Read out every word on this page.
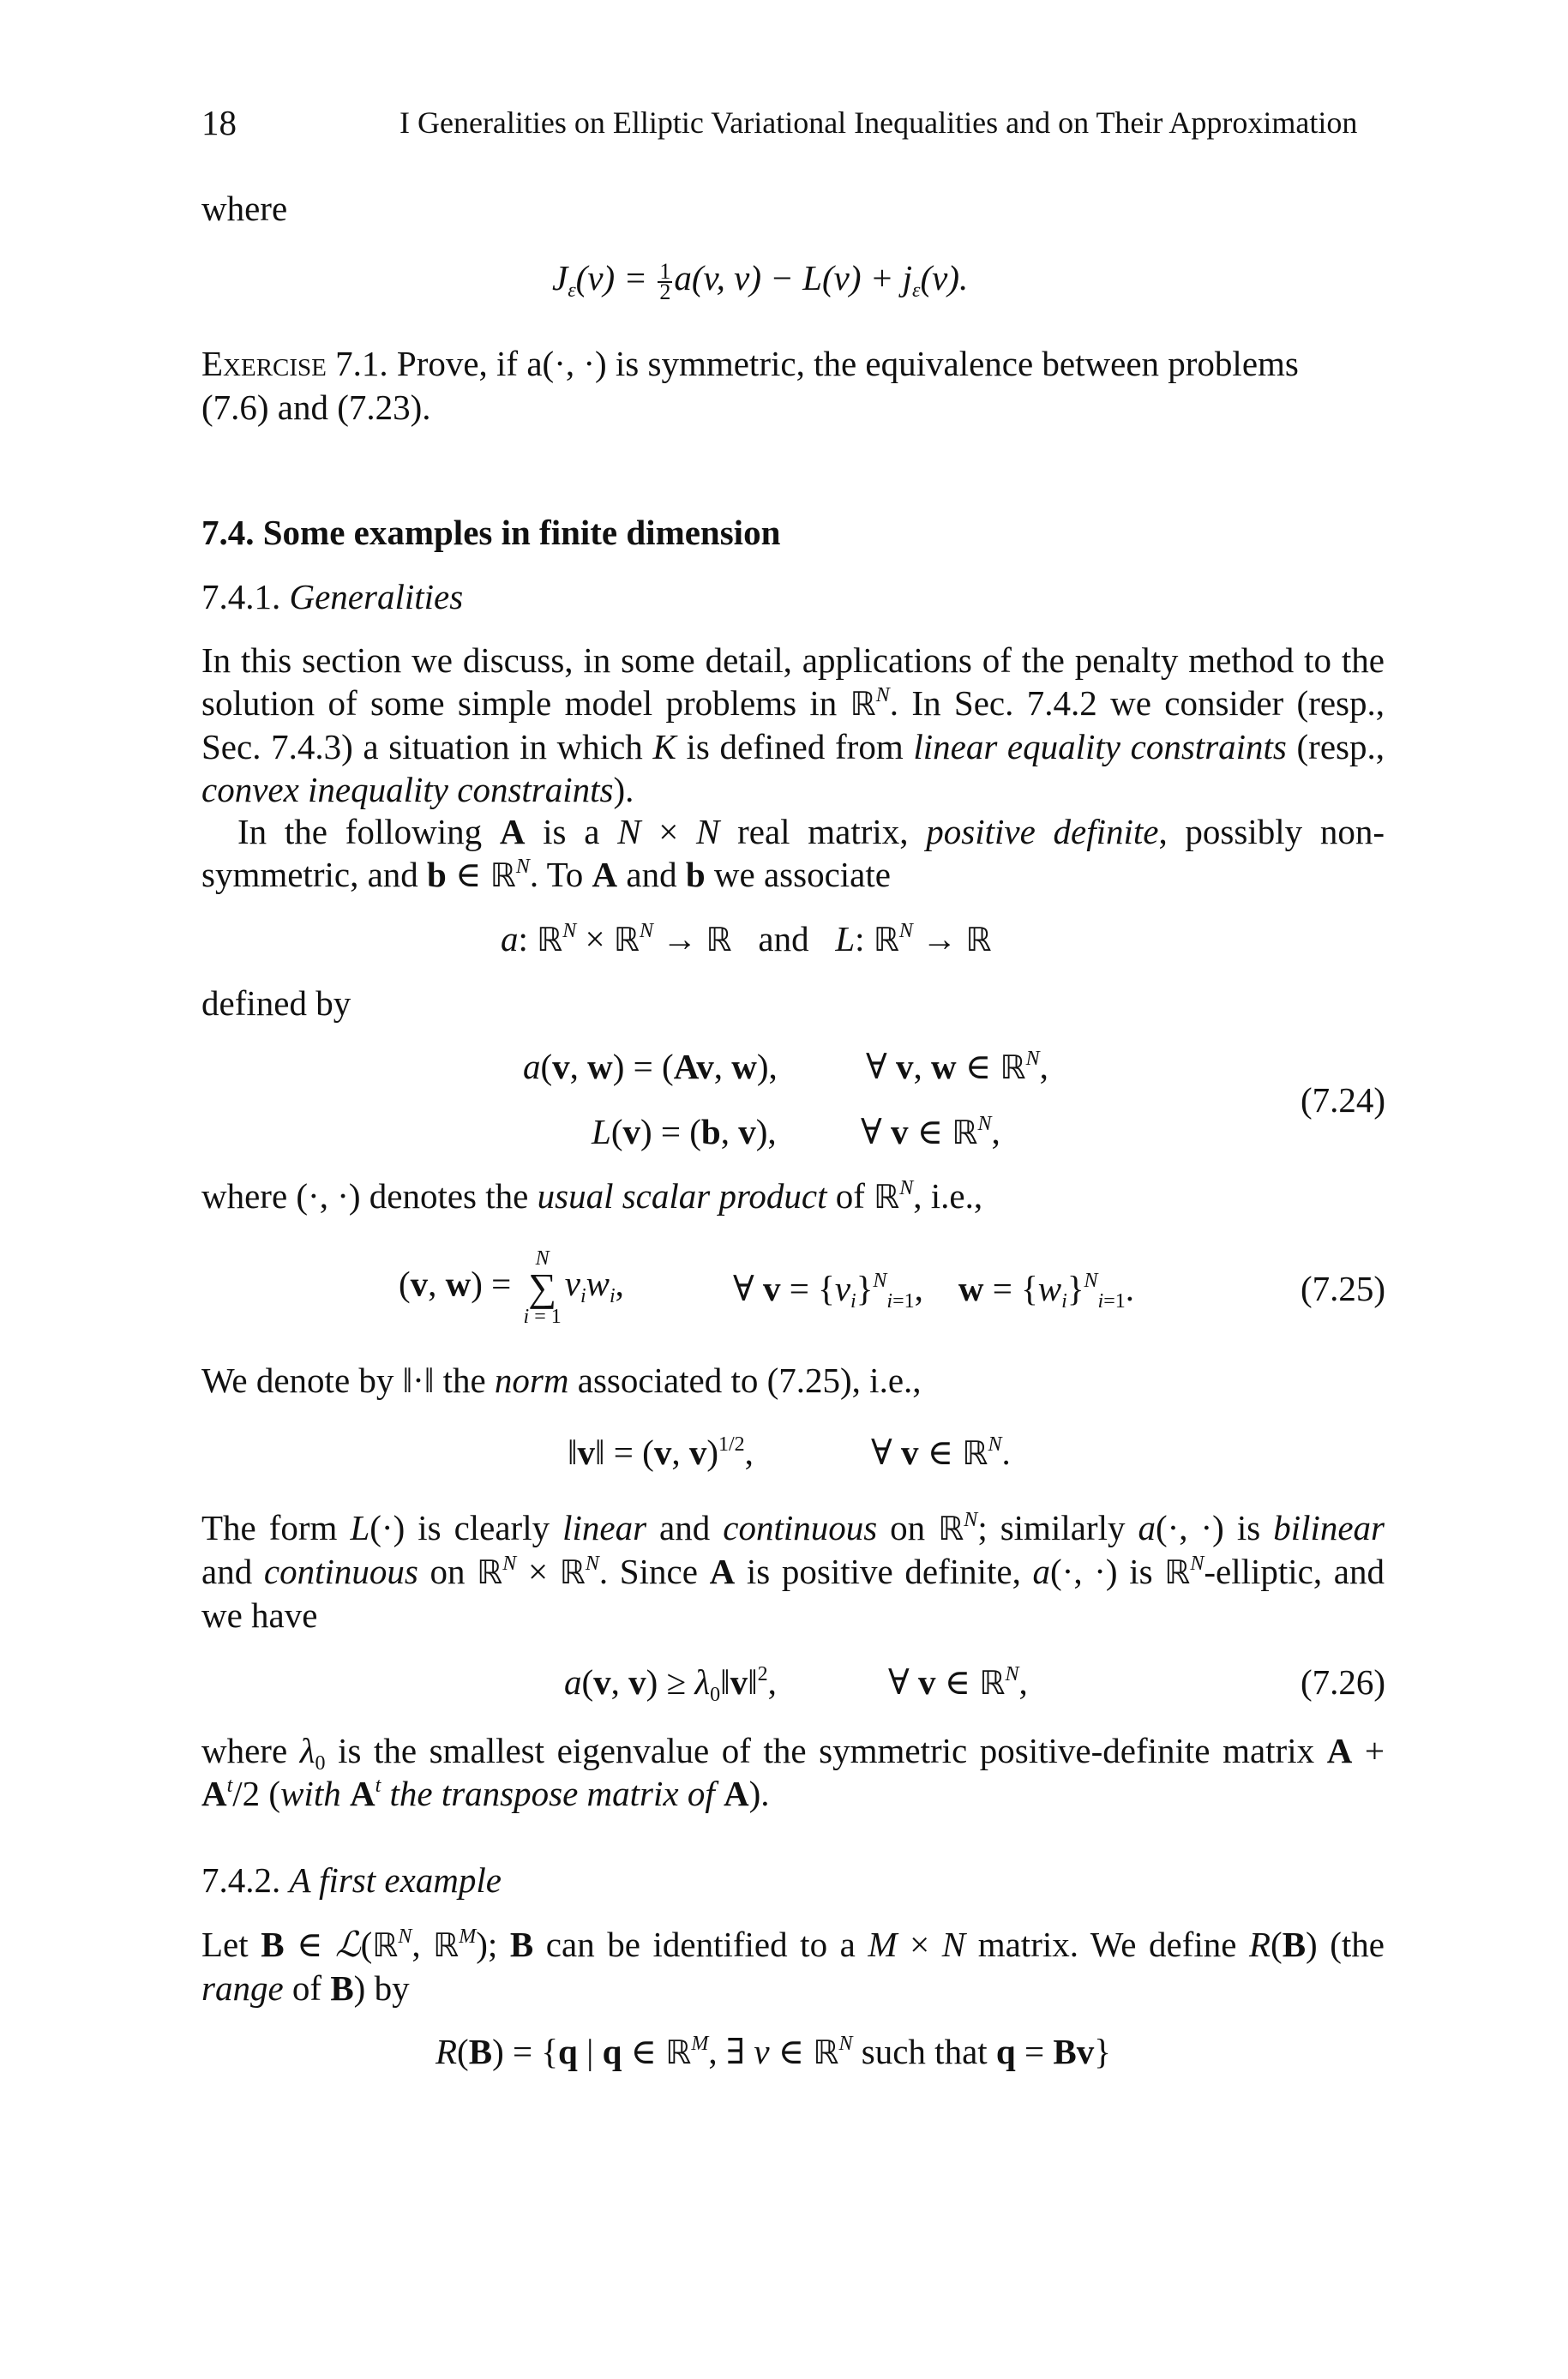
18	I Generalities on Elliptic Variational Inequalities and on Their Approximation
where
$J_\varepsilon(v) = \frac{1}{2} a(v$, $v) - L(v) + j_\varepsilon(v)$.
Exercise 7.1. Prove, if a(·, ·) is symmetric, the equivalence between problems
(7.6) and (7.23).
7.4. Some examples in finite dimension
7.4.1. Generalities
In this section we discuss, in some detail, applications of the penalty method to the solution of some simple model problems in ℝ$^N$. In Sec. 7.4.2 we consider (resp., Sec. 7.4.3) a situation in which K is defined from linear equality constraints (resp., convex inequality constraints).
In the following A is a N × N real matrix, positive definite, possibly non-symmetric, and b ∈ ℝ$^N$. To A and b we associate
a: ℝ$^N$ × ℝ$^N$ → ℝ   and   L: ℝ$^N$ → ℝ
defined by
a(v, w) = (Av, w),	∀ v, w ∈ ℝ$^N$,
L(v) = (b, v), ∀ v ∈ ℝ$^N$,
(7.24)
where (·, ·) denotes the usual scalar product of ℝ$^N$, i.e.,
(v, w) =
N
∑
i = 1
$v_iw_i$,	∀ $v = \{v_i\}^N_{i=1}$,    $w = \{w_i\}^N_{i=1}$.	(7.25)
We denote by ‖·‖ the norm associated to (7.25), i.e.,
‖v‖ = (v, v)$^{1/2}$,	∀ v ∈ ℝ$^N$.
The form L(·) is clearly linear and continuous on ℝ$^N$; similarly a(·, ·) is bilinear and continuous on ℝ$^N$ × ℝ$^N$. Since A is positive definite, a(·, ·) is ℝ$^N$-elliptic, and we have
a(v, $v) \ge \lambda_0‖v‖^2$,	∀ v ∈ ℝ$^N$,	(7.26)
where $\lambda_0$ is the smallest eigenvalue of the symmetric positive-definite matrix $A + A^t/2$ (with $A^t$ the transpose matrix of A).
7.4.2. A first example
Let B ∈ ℒ(ℝ$^N$, ℝ$^M$); B can be identified to a M × N matrix. We define R(B) (the range of B) by
R(B) = {q | q ∈ ℝ$^M$, ∃ v ∈ ℝ$^N$ such that q = Bv}
